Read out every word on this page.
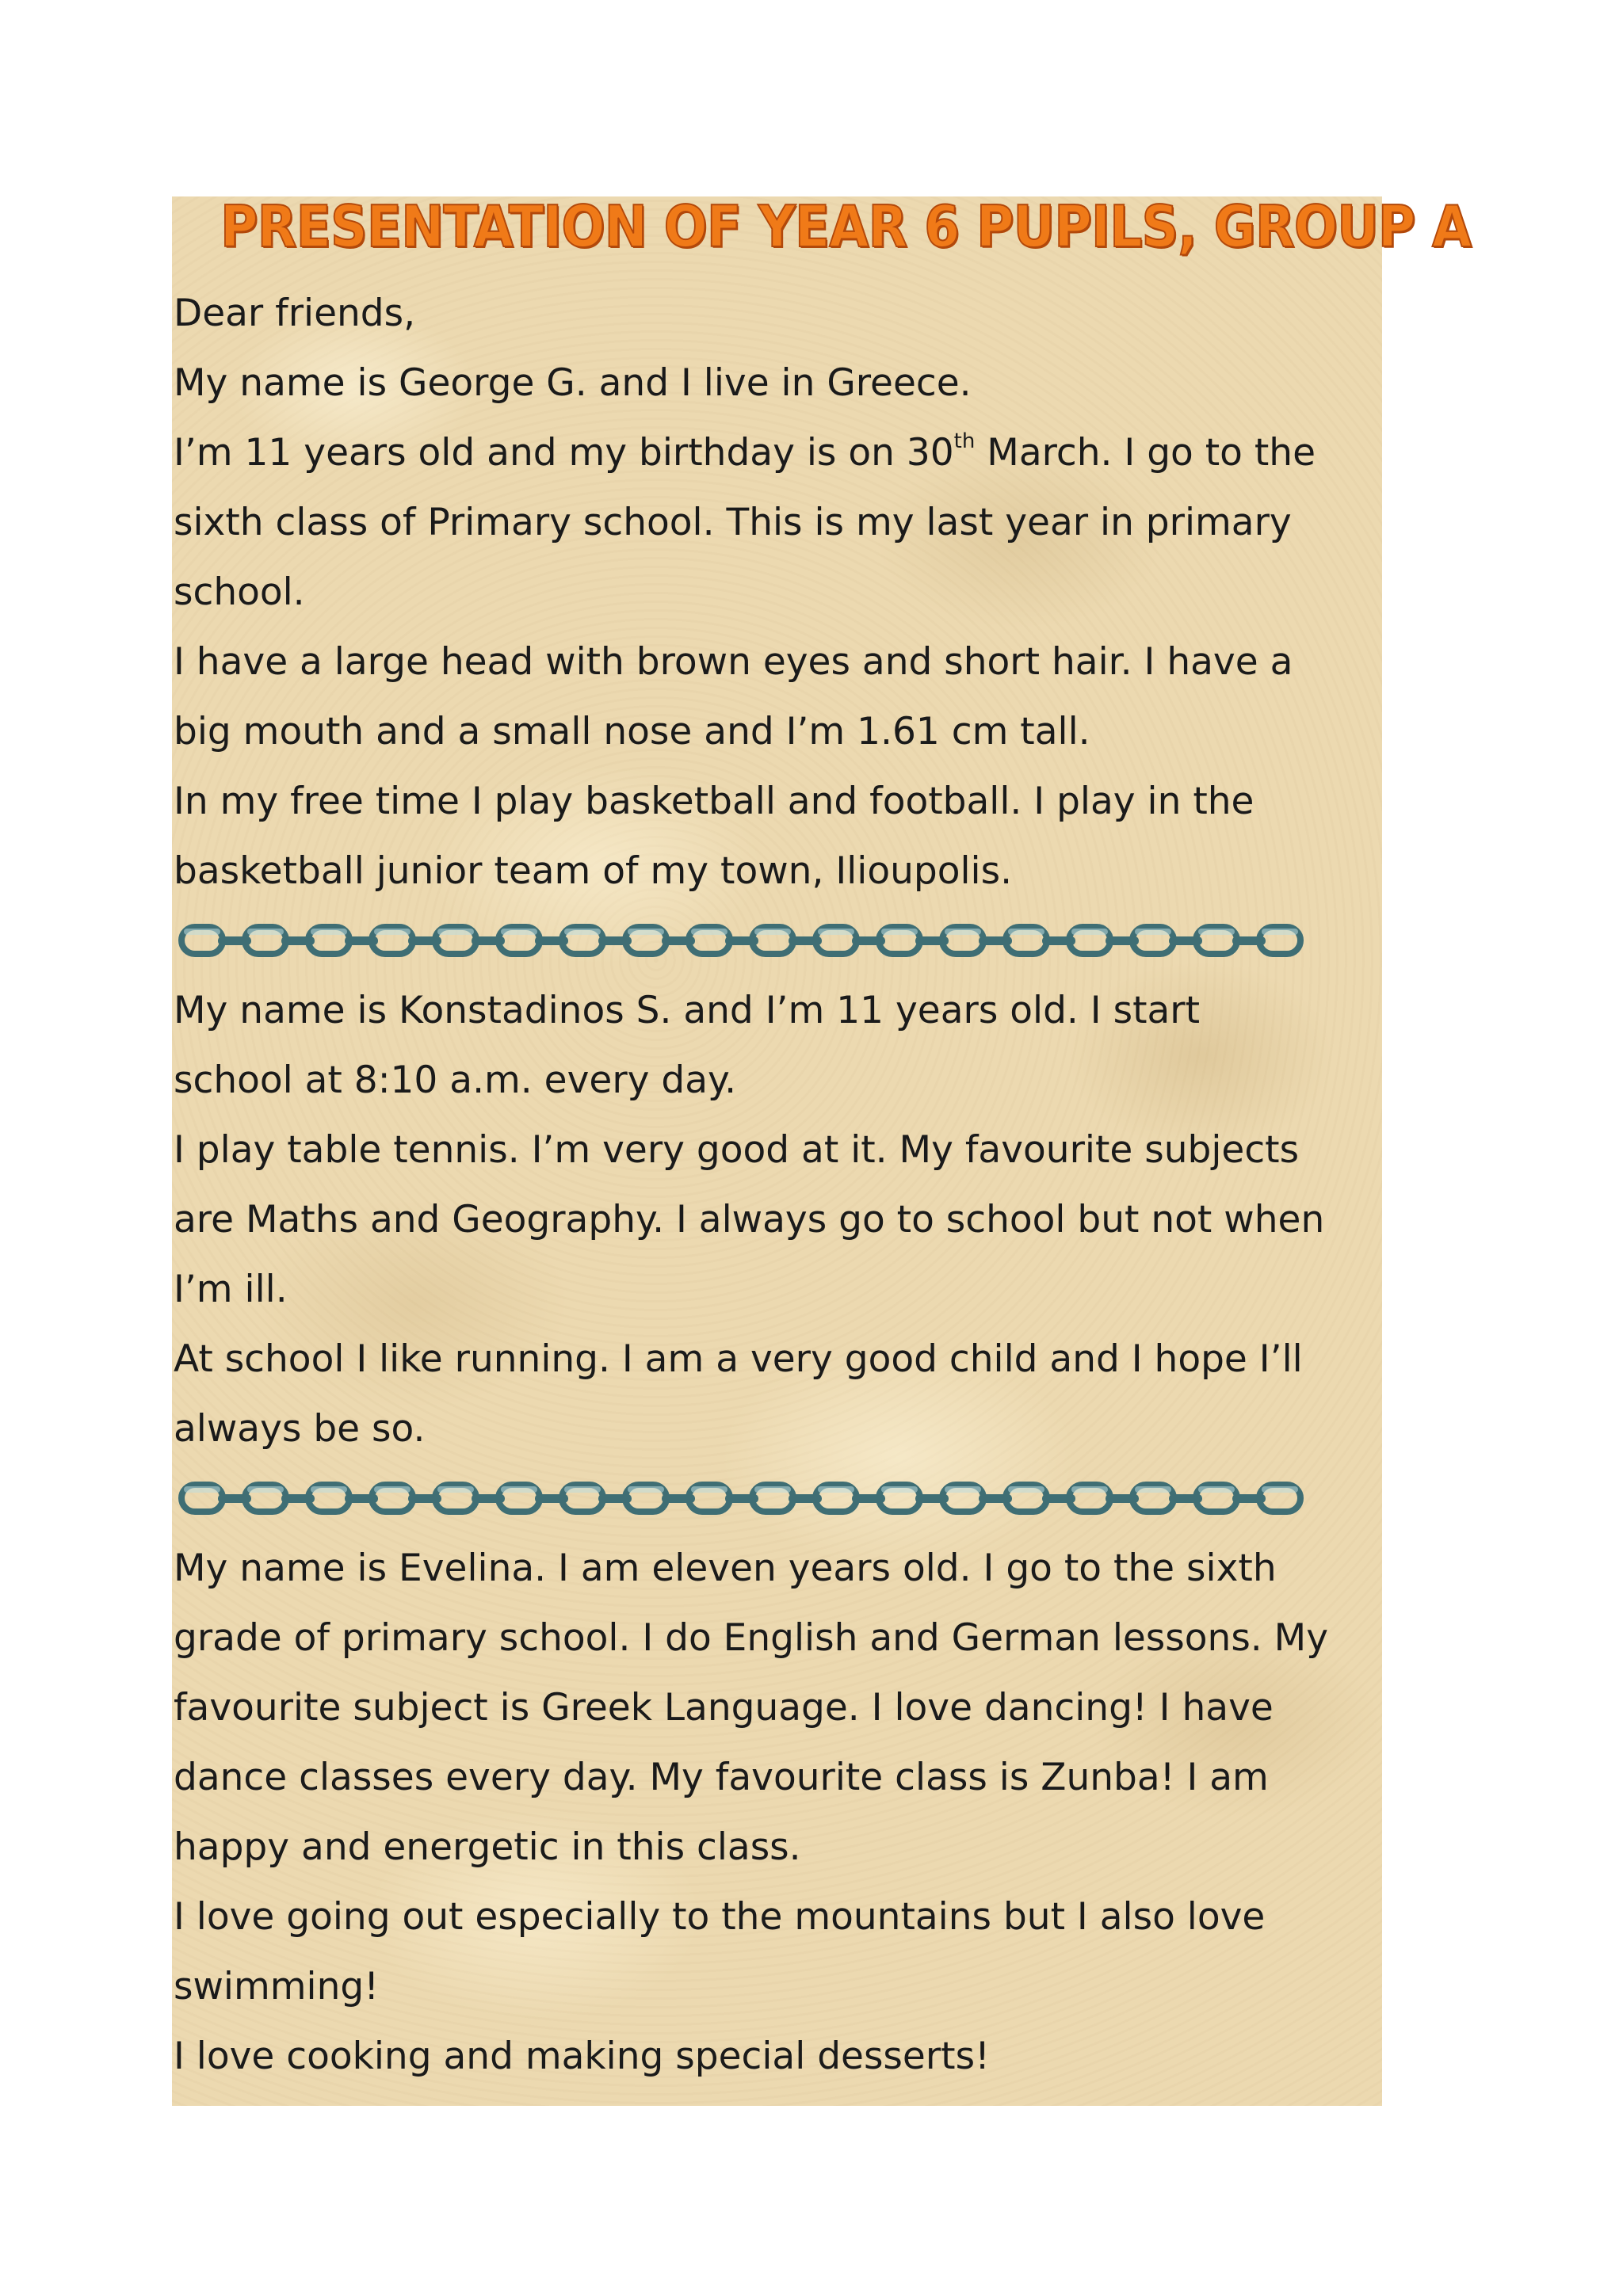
PRESENTATION OF YEAR 6 PUPILS, GROUP A

Dear friends,

My name is George G. and I live in Greece.

I’m 11 years old and my birthday is on 30th March. I go to the

sixth class of Primary school. This is my last year in primary

school.

I have a large head with brown eyes and short hair. I have a

big mouth and a small nose and I’m 1.61 cm tall.

In my free time I play basketball and football. I play in the

basketball junior team of my town, Ilioupolis.

My name is Konstadinos S. and I’m 11 years old. I start

school at 8:10 a.m. every day.

I play table tennis. I’m very good at it. My favourite subjects

are Maths and Geography. I always go to school but not when

I’m ill.

At school I like running. I am a very good child and I hope I’ll

always be so.

My name is Evelina. I am eleven years old. I go to the sixth

grade of primary school. I do English and German lessons. My

favourite subject is Greek Language. I love dancing! I have

dance classes every day. My favourite class is Zunba! I am

happy and energetic in this class.

I love going out especially to the mountains but I also love

swimming!

I love cooking and making special desserts!
